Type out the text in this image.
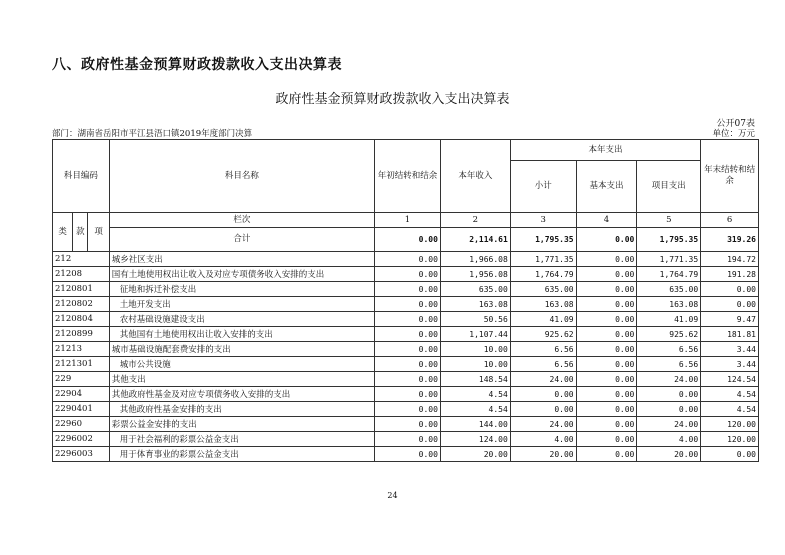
八、政府性基金预算财政拨款收入支出决算表
政府性基金预算财政拨款收入支出决算表
公开07表
部门：湖南省岳阳市平江县浯口镇2019年度部门决算	单位：万元
科目编码			科目名称	年初结转和结余	本年收入	本年支出			年末结转和结余
						小计	基本支出	项目支出	
类	款	项	栏次	1	2	3	4	5	6
			合计	0.00	2,114.61	1,795.35	0.00	1,795.35	319.26
212			城乡社区支出	0.00	1,966.08	1,771.35	0.00	1,771.35	194.72
21208			国有土地使用权出让收入及对应专项债务收入安排的支出	0.00	1,956.08	1,764.79	0.00	1,764.79	191.28
2120801			征地和拆迁补偿支出	0.00	635.00	635.00	0.00	635.00	0.00
2120802			土地开发支出	0.00	163.08	163.08	0.00	163.08	0.00
2120804			农村基础设施建设支出	0.00	50.56	41.09	0.00	41.09	9.47
2120899			其他国有土地使用权出让收入安排的支出	0.00	1,107.44	925.62	0.00	925.62	181.81
21213			城市基础设施配套费安排的支出	0.00	10.00	6.56	0.00	6.56	3.44
2121301			城市公共设施	0.00	10.00	6.56	0.00	6.56	3.44
229			其他支出	0.00	148.54	24.00	0.00	24.00	124.54
22904			其他政府性基金及对应专项债务收入安排的支出	0.00	4.54	0.00	0.00	0.00	4.54
2290401			其他政府性基金安排的支出	0.00	4.54	0.00	0.00	0.00	4.54
22960			彩票公益金安排的支出	0.00	144.00	24.00	0.00	24.00	120.00
2296002			用于社会福利的彩票公益金支出	0.00	124.00	4.00	0.00	4.00	120.00
2296003			用于体育事业的彩票公益金支出	0.00	20.00	20.00	0.00	20.00	0.00
24
